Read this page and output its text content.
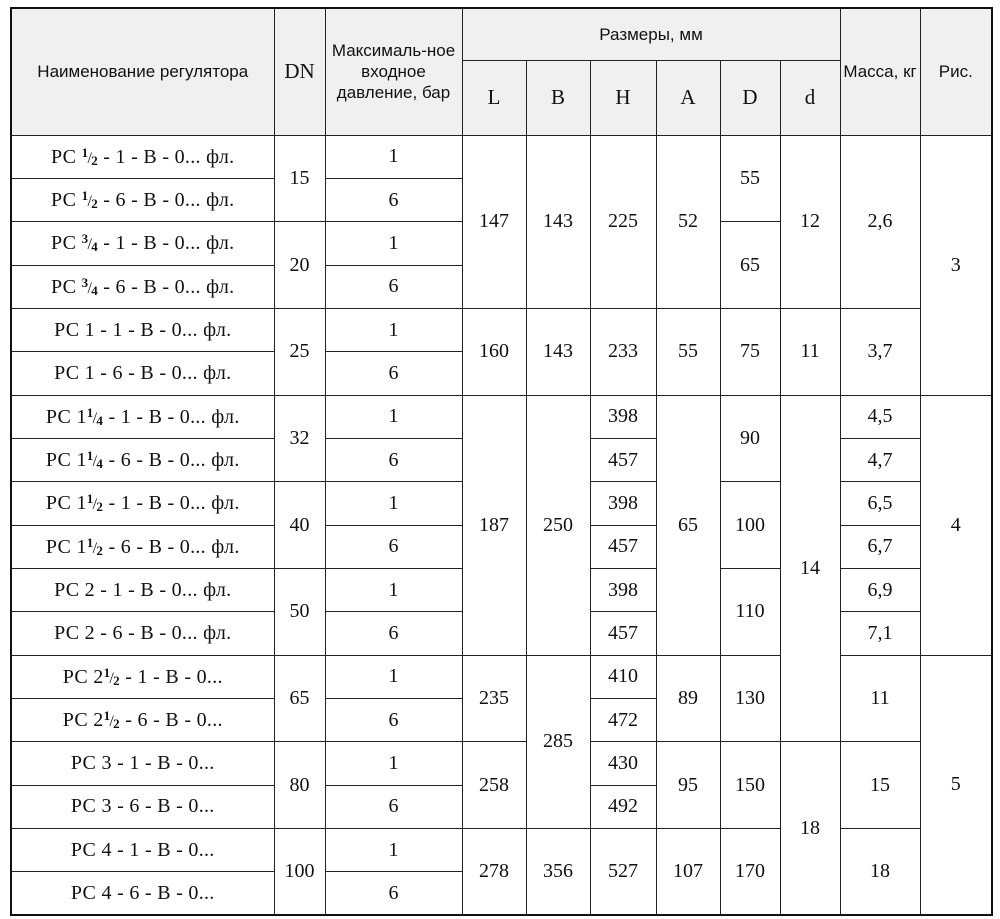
Наименование регулятора	DN	Максималь-ное входное давление, бар	Размеры, мм						Масса, кг	Рис.
			L	B	H	A	D	d		
РС $^1/_2 - 1$ - В - 0... фл.	15	1	147	143	225	52	55	12	2,6	3
РС $^1/_2 - 6$ - В - 0... фл.		6								
РС $^3/_4 - 1$ - В - 0... фл.	20	1					65			
РС $^3/_4 - 6$ - В - 0... фл.		6								
РС 1 - 1 - В - 0... фл.	25	1	160	143	233	55	75	11	3,7	
РС 1 - 6 - В - 0... фл.		6								
РС $1^1/_4 - 1$ - В - 0... фл.	32	1	187	250	398	65	90	14	4,5	4
РС $1^1/_4 - 6$ - В - 0... фл.		6			457				4,7	
РС $1^1/_2 - 1$ - В - 0... фл.	40	1			398		100		6,5	
РС $1^1/_2 - 6$ - В - 0... фл.		6			457				6,7	
РС 2 - 1 - В - 0... фл.	50	1			398		110		6,9	
РС 2 - 6 - В - 0... фл.		6			457				7,1	
РС $2^1/_2 - 1$ - В - 0...	65	1	235	285	410	89	130		11	5
РС $2^1/_2 - 6$ - В - 0...		6			472					
РС 3 - 1 - В - 0...	80	1	258		430	95	150	18	15	
РС 3 - 6 - В - 0...		6			492					
РС 4 - 1 - В - 0...	100	1	278	356	527	107	170		18	
РС 4 - 6 - В - 0...		6								
